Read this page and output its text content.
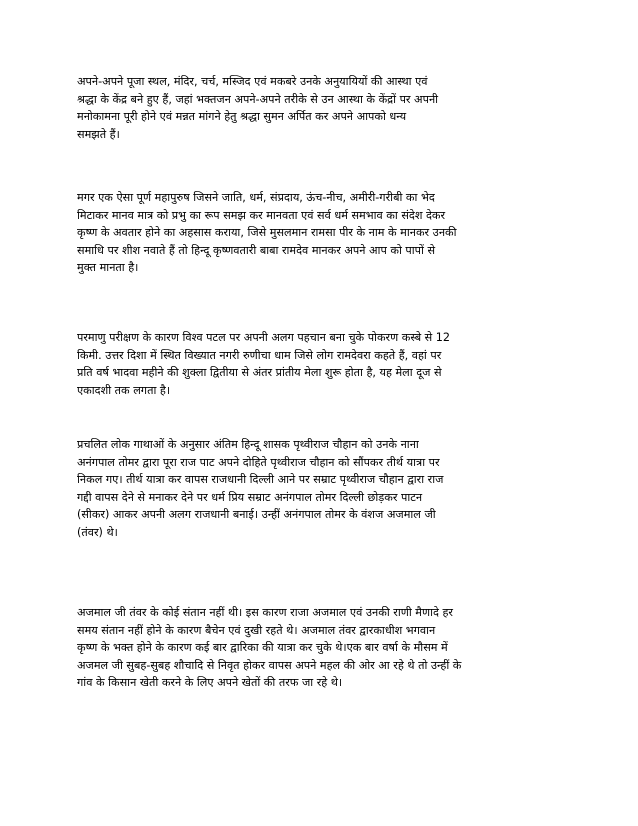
अपने-अपने पूजा स्थल, मंदिर, चर्च, मस्जिद एवं मकबरे उनके अनुयायियों की आस्था एवं
श्रद्धा के केंद्र बने हुए हैं, जहां भक्तजन अपने-अपने तरीके से उन आस्था के केंद्रों पर अपनी
मनोकामना पूरी होने एवं मन्नत मांगने हेतु श्रद्धा सुमन अर्पित कर अपने आपको धन्य
समझते हैं।

मगर एक ऐसा पूर्ण महापुरुष जिसने जाति, धर्म, संप्रदाय, ऊंच-नीच, अमीरी-गरीबी का भेद
मिटाकर मानव मात्र को प्रभु का रूप समझ कर मानवता एवं सर्व धर्म समभाव का संदेश देकर
कृष्ण के अवतार होने का अहसास कराया, जिसे मुसलमान रामसा पीर के नाम के मानकर उनकी
समाधि पर शीश नवाते हैं तो हिन्दू कृष्णवतारी बाबा रामदेव मानकर अपने आप को पापों से
मुक्त मानता है।

परमाणु परीक्षण के कारण विश्व पटल पर अपनी अलग पहचान बना चुके पोकरण कस्बे से 12
किमी. उत्तर दिशा में स्थित विख्यात नगरी रुणीचा धाम जिसे लोग रामदेवरा कहते हैं, वहां पर
प्रति वर्ष भादवा महीने की शुक्ला द्वितीया से अंतर प्रांतीय मेला शुरू होता है, यह मेला दूज से
एकादशी तक लगता है।

प्रचलित लोक गाथाओं के अनुसार अंतिम हिन्दू शासक पृथ्वीराज चौहान को उनके नाना
अनंगपाल तोमर द्वारा पूरा राज पाट अपने दोहिते पृथ्वीराज चौहान को सौंपकर तीर्थ यात्रा पर
निकल गए। तीर्थ यात्रा कर वापस राजधानी दिल्ली आने पर सम्राट पृथ्वीराज चौहान द्वारा राज
गद्दी वापस देने से मनाकर देने पर धर्म प्रिय सम्राट अनंगपाल तोमर दिल्ली छोड़कर पाटन
(सीकर) आकर अपनी अलग राजधानी बनाई। उन्हीं अनंगपाल तोमर के वंशज अजमाल जी
(तंवर) थे।

अजमाल जी तंवर के कोई संतान नहीं थी। इस कारण राजा अजमाल एवं उनकी राणी मैणादे हर
समय संतान नहीं होने के कारण बैचेन एवं दुखी रहते थे। अजमाल तंवर द्वारकाधीश भगवान
कृष्ण के भक्त होने के कारण कई बार द्वारिका की यात्रा कर चुके थे।एक बार वर्षा के मौसम में
अजमल जी सुबह-सुबह शौचादि से निवृत होकर वापस अपने महल की ओर आ रहे थे तो उन्हीं के
गांव के किसान खेती करने के लिए अपने खेतों की तरफ जा रहे थे।
